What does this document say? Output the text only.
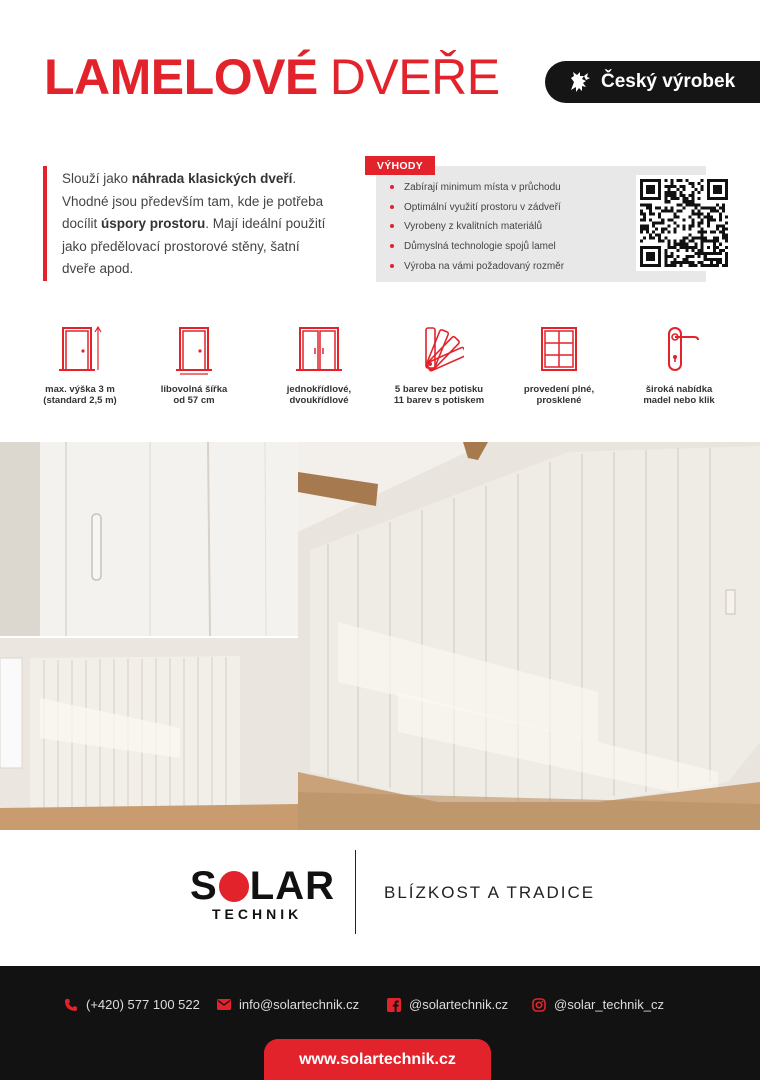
LAMELOVÉ DVEŘE	Český výrobek

Slouží jako náhrada klasických dveří. Vhodné jsou především tam, kde je potřeba docílit úspory prostoru. Mají ideální použití jako předělovací prostorové stěny, šatní dveře apod.

VÝHODY
Zabírají minimum místa v průchodu
Optimální využití prostoru v zádveří
Vyrobeny z kvalitních materiálů
Důmyslná technologie spojů lamel
Výroba na vámi požadovaný rozměr
max. výška 3 m
(standard 2,5 m)
libovolná šířka
od 57 cm
jednokřídlové,
dvoukřídlové
5 barev bez potisku
11 barev s potiskem
provedení plné,
prosklené
široká nabídka
madel nebo klik
S LAR
TECHNIK
BLÍZKOST A TRADICE
(+420) 577 100 522	info@solartechnik.cz	@solartechnik.cz	@solar_technik_cz
www.solartechnik.cz
